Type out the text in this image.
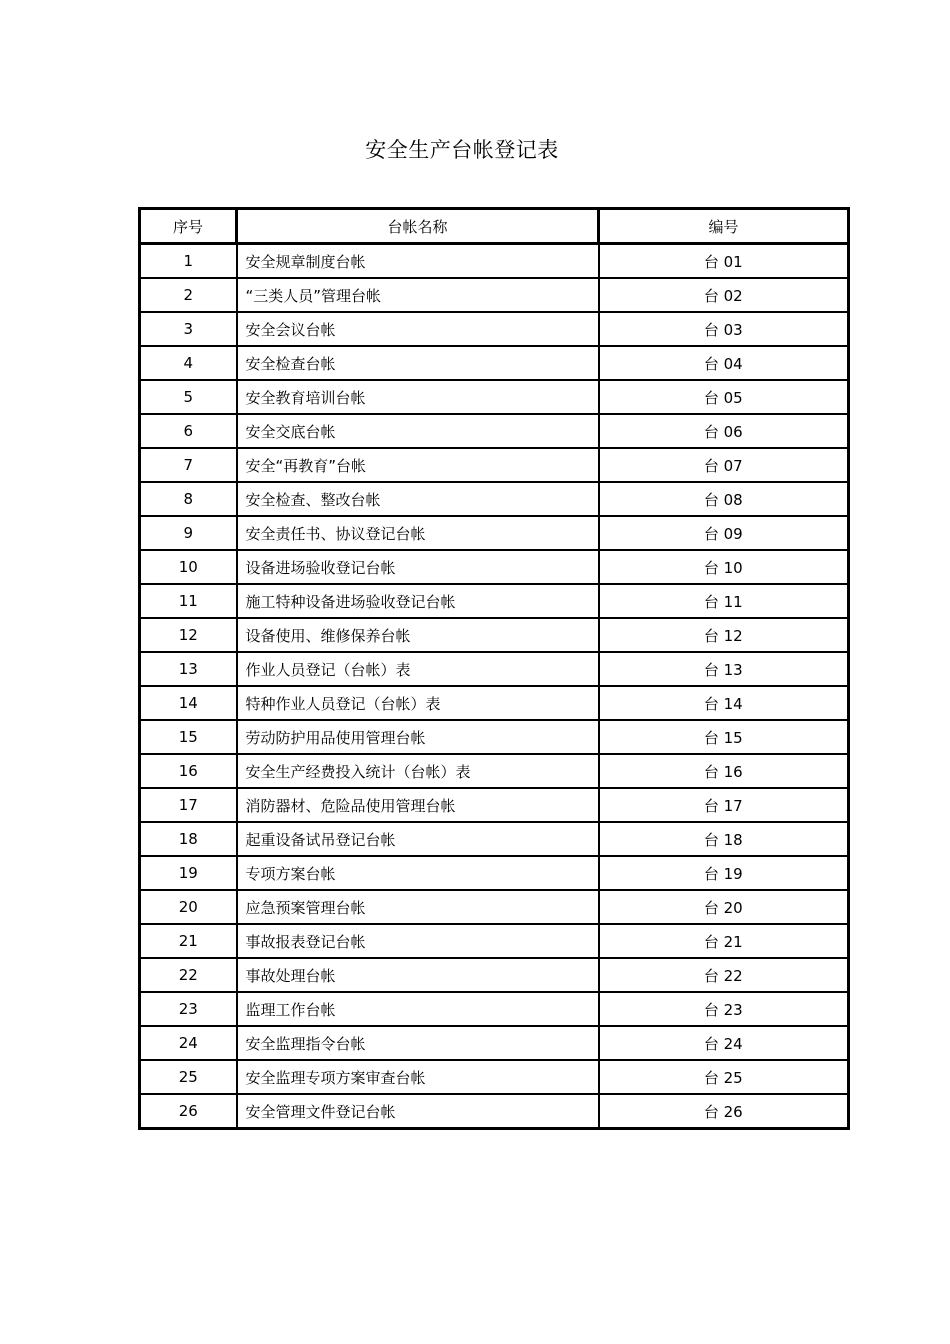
安全生产台帐登记表
序号	台帐名称	编号
1	安全规章制度台帐	台 01
2	“三类人员”管理台帐	台 02
3	安全会议台帐	台 03
4	安全检查台帐	台 04
5	安全教育培训台帐	台 05
6	安全交底台帐	台 06
7	安全“再教育”台帐	台 07
8	安全检查、整改台帐	台 08
9	安全责任书、协议登记台帐	台 09
10	设备进场验收登记台帐	台 10
11	施工特种设备进场验收登记台帐	台 11
12	设备使用、维修保养台帐	台 12
13	作业人员登记（台帐）表	台 13
14	特种作业人员登记（台帐）表	台 14
15	劳动防护用品使用管理台帐	台 15
16	安全生产经费投入统计（台帐）表	台 16
17	消防器材、危险品使用管理台帐	台 17
18	起重设备试吊登记台帐	台 18
19	专项方案台帐	台 19
20	应急预案管理台帐	台 20
21	事故报表登记台帐	台 21
22	事故处理台帐	台 22
23	监理工作台帐	台 23
24	安全监理指令台帐	台 24
25	安全监理专项方案审查台帐	台 25
26	安全管理文件登记台帐	台 26
